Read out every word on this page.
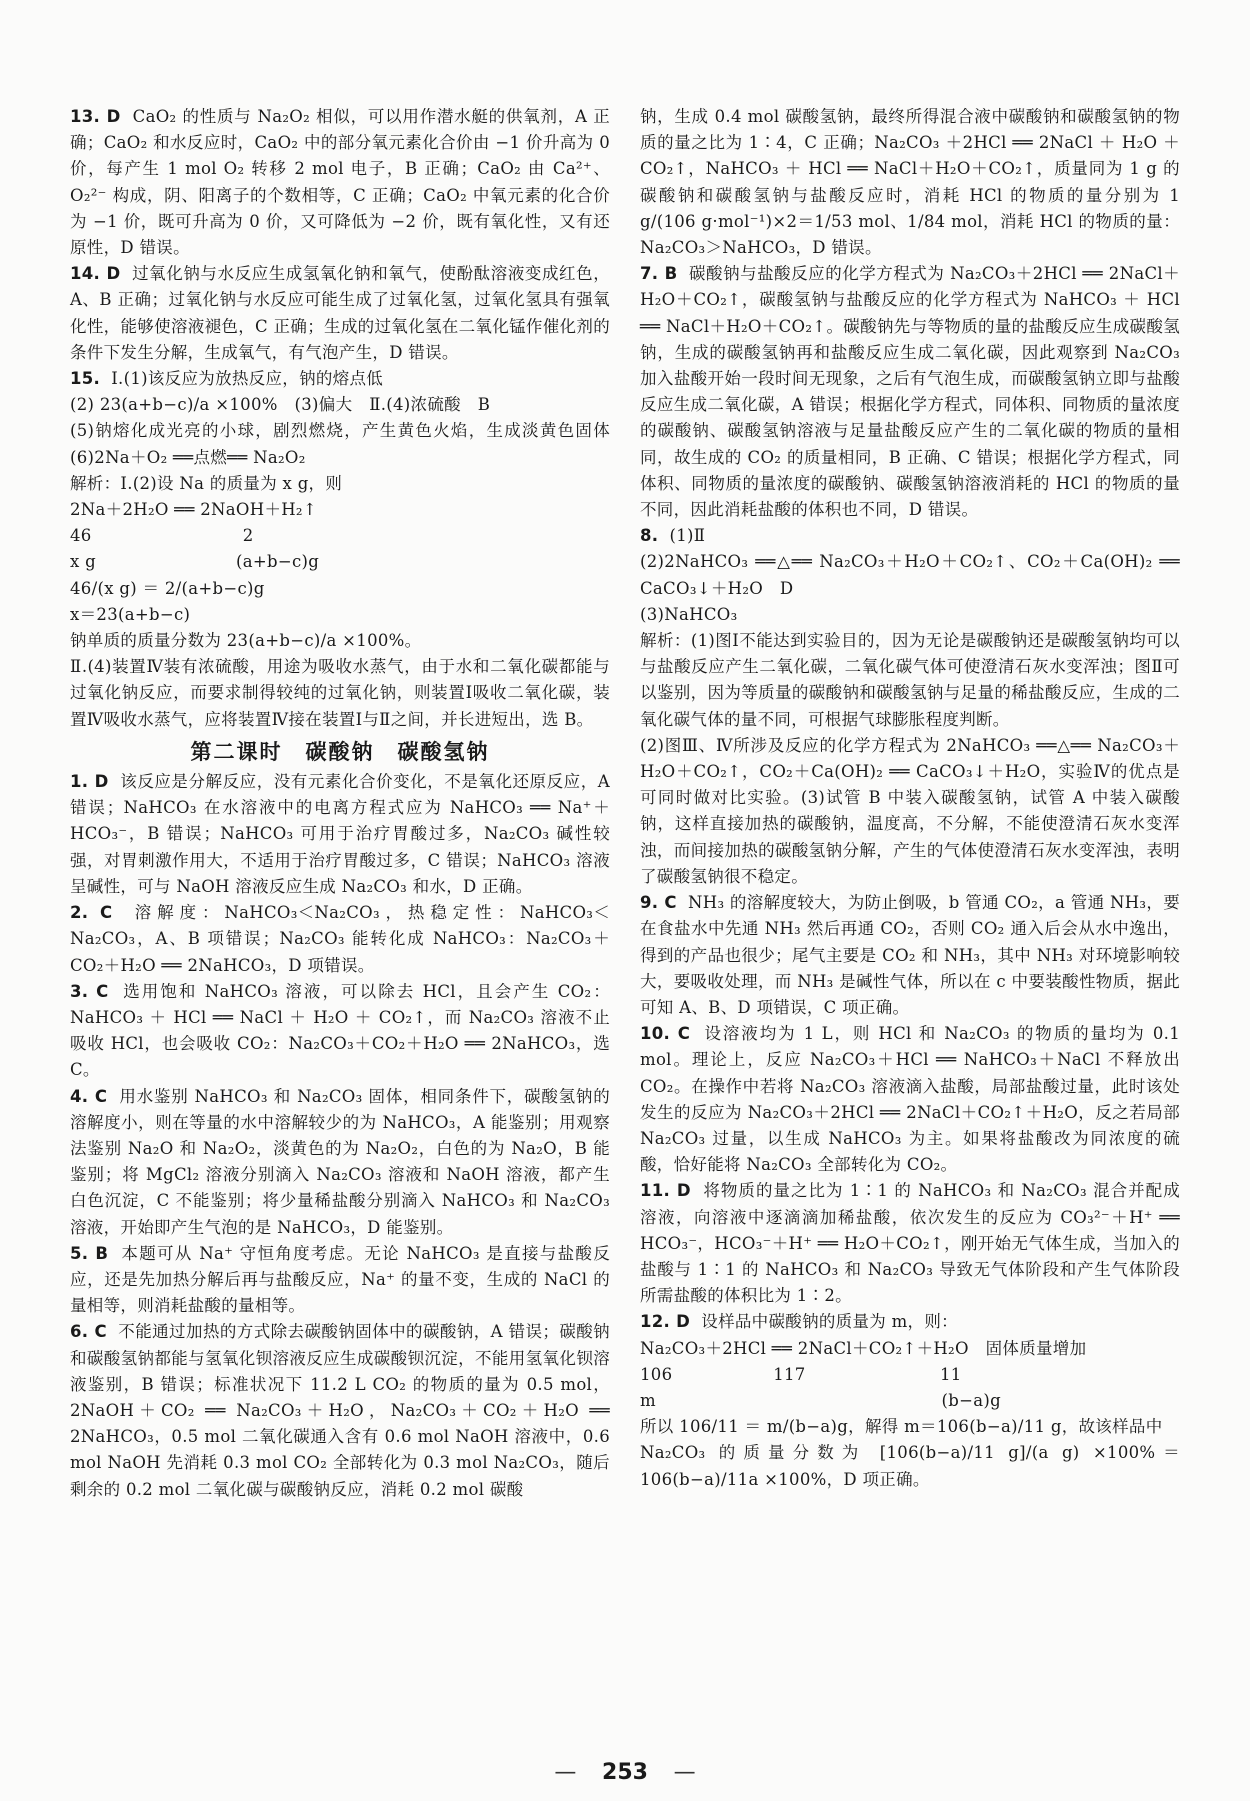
13. D CaO₂ 的性质与 Na₂O₂ 相似，可以用作潜水艇的供氧剂，A 正确；CaO₂ 和水反应时，CaO₂ 中的部分氧元素化合价由 −1 价升高为 0 价，每产生 1 mol O₂ 转移 2 mol 电子，B 正确；CaO₂ 由 Ca²⁺、O₂²⁻ 构成，阴、阳离子的个数相等，C 正确；CaO₂ 中氧元素的化合价为 −1 价，既可升高为 0 价，又可降低为 −2 价，既有氧化性，又有还原性，D 错误。

14. D 过氧化钠与水反应生成氢氧化钠和氧气，使酚酞溶液变成红色，A、B 正确；过氧化钠与水反应可能生成了过氧化氢，过氧化氢具有强氧化性，能够使溶液褪色，C 正确；生成的过氧化氢在二氧化锰作催化剂的条件下发生分解，生成氧气，有气泡产生，D 错误。

15. Ⅰ.(1)该反应为放热反应，钠的熔点低

(2) 23(a+b−c)/a ×100%　(3)偏大　Ⅱ.(4)浓硫酸　B

(5)钠熔化成光亮的小球，剧烈燃烧，产生黄色火焰，生成淡黄色固体　(6)2Na＋O₂ ══点燃══ Na₂O₂

解析：Ⅰ.(2)设 Na 的质量为 x g，则

2Na＋2H₂O ══ 2NaOH＋H₂↑

46　　　　　　　　　2

x g　　　　　　　　 (a+b−c)g

46/(x g) ＝ 2/(a+b−c)g

x＝23(a+b−c)

钠单质的质量分数为 23(a+b−c)/a ×100%。

Ⅱ.(4)装置Ⅳ装有浓硫酸，用途为吸收水蒸气，由于水和二氧化碳都能与过氧化钠反应，而要求制得较纯的过氧化钠，则装置Ⅰ吸收二氧化碳，装置Ⅳ吸收水蒸气，应将装置Ⅳ接在装置Ⅰ与Ⅱ之间，并长进短出，选 B。

第二课时　碳酸钠　碳酸氢钠

1. D 该反应是分解反应，没有元素化合价变化，不是氧化还原反应，A 错误；NaHCO₃ 在水溶液中的电离方程式应为 NaHCO₃ ══ Na⁺＋HCO₃⁻，B 错误；NaHCO₃ 可用于治疗胃酸过多，Na₂CO₃ 碱性较强，对胃刺激作用大，不适用于治疗胃酸过多，C 错误；NaHCO₃ 溶液呈碱性，可与 NaOH 溶液反应生成 Na₂CO₃ 和水，D 正确。

2. C 溶解度：NaHCO₃＜Na₂CO₃，热稳定性：NaHCO₃＜Na₂CO₃，A、B 项错误；Na₂CO₃ 能转化成 NaHCO₃：Na₂CO₃＋CO₂＋H₂O ══ 2NaHCO₃，D 项错误。

3. C 选用饱和 NaHCO₃ 溶液，可以除去 HCl，且会产生 CO₂：NaHCO₃ ＋ HCl ══ NaCl ＋ H₂O ＋ CO₂↑，而 Na₂CO₃ 溶液不止吸收 HCl，也会吸收 CO₂：Na₂CO₃＋CO₂＋H₂O ══ 2NaHCO₃，选 C。

4. C 用水鉴别 NaHCO₃ 和 Na₂CO₃ 固体，相同条件下，碳酸氢钠的溶解度小，则在等量的水中溶解较少的为 NaHCO₃，A 能鉴别；用观察法鉴别 Na₂O 和 Na₂O₂，淡黄色的为 Na₂O₂，白色的为 Na₂O，B 能鉴别；将 MgCl₂ 溶液分别滴入 Na₂CO₃ 溶液和 NaOH 溶液，都产生白色沉淀，C 不能鉴别；将少量稀盐酸分别滴入 NaHCO₃ 和 Na₂CO₃ 溶液，开始即产生气泡的是 NaHCO₃，D 能鉴别。

5. B 本题可从 Na⁺ 守恒角度考虑。无论 NaHCO₃ 是直接与盐酸反应，还是先加热分解后再与盐酸反应，Na⁺ 的量不变，生成的 NaCl 的量相等，则消耗盐酸的量相等。

6. C 不能通过加热的方式除去碳酸钠固体中的碳酸钠，A 错误；碳酸钠和碳酸氢钠都能与氢氧化钡溶液反应生成碳酸钡沉淀，不能用氢氧化钡溶液鉴别，B 错误；标准状况下 11.2 L CO₂ 的物质的量为 0.5 mol，2NaOH＋CO₂ ══ Na₂CO₃＋H₂O，Na₂CO₃＋CO₂＋H₂O ══ 2NaHCO₃，0.5 mol 二氧化碳通入含有 0.6 mol NaOH 溶液中，0.6 mol NaOH 先消耗 0.3 mol CO₂ 全部转化为 0.3 mol Na₂CO₃，随后剩余的 0.2 mol 二氧化碳与碳酸钠反应，消耗 0.2 mol 碳酸

钠，生成 0.4 mol 碳酸氢钠，最终所得混合液中碳酸钠和碳酸氢钠的物质的量之比为 1∶4，C 正确；Na₂CO₃ ＋2HCl ══ 2NaCl ＋ H₂O ＋ CO₂↑，NaHCO₃ ＋ HCl ══ NaCl＋H₂O＋CO₂↑，质量同为 1 g 的碳酸钠和碳酸氢钠与盐酸反应时，消耗 HCl 的物质的量分别为 1 g/(106 g·mol⁻¹)×2＝1/53 mol、1/84 mol，消耗 HCl 的物质的量：Na₂CO₃＞NaHCO₃，D 错误。

7. B 碳酸钠与盐酸反应的化学方程式为 Na₂CO₃＋2HCl ══ 2NaCl＋H₂O＋CO₂↑，碳酸氢钠与盐酸反应的化学方程式为 NaHCO₃ ＋ HCl ══ NaCl＋H₂O＋CO₂↑。碳酸钠先与等物质的量的盐酸反应生成碳酸氢钠，生成的碳酸氢钠再和盐酸反应生成二氧化碳，因此观察到 Na₂CO₃ 加入盐酸开始一段时间无现象，之后有气泡生成，而碳酸氢钠立即与盐酸反应生成二氧化碳，A 错误；根据化学方程式，同体积、同物质的量浓度的碳酸钠、碳酸氢钠溶液与足量盐酸反应产生的二氧化碳的物质的量相同，故生成的 CO₂ 的质量相同，B 正确、C 错误；根据化学方程式，同体积、同物质的量浓度的碳酸钠、碳酸氢钠溶液消耗的 HCl 的物质的量不同，因此消耗盐酸的体积也不同，D 错误。

8. (1)Ⅱ

(2)2NaHCO₃ ══△══ Na₂CO₃＋H₂O＋CO₂↑、CO₂＋Ca(OH)₂ ══ CaCO₃↓＋H₂O　D

(3)NaHCO₃

解析：(1)图Ⅰ不能达到实验目的，因为无论是碳酸钠还是碳酸氢钠均可以与盐酸反应产生二氧化碳，二氧化碳气体可使澄清石灰水变浑浊；图Ⅱ可以鉴别，因为等质量的碳酸钠和碳酸氢钠与足量的稀盐酸反应，生成的二氧化碳气体的量不同，可根据气球膨胀程度判断。

(2)图Ⅲ、Ⅳ所涉及反应的化学方程式为 2NaHCO₃ ══△══ Na₂CO₃＋H₂O＋CO₂↑，CO₂＋Ca(OH)₂ ══ CaCO₃↓＋H₂O，实验Ⅳ的优点是可同时做对比实验。(3)试管 B 中装入碳酸氢钠，试管 A 中装入碳酸钠，这样直接加热的碳酸钠，温度高，不分解，不能使澄清石灰水变浑浊，而间接加热的碳酸氢钠分解，产生的气体使澄清石灰水变浑浊，表明了碳酸氢钠很不稳定。

9. C NH₃ 的溶解度较大，为防止倒吸，b 管通 CO₂，a 管通 NH₃，要在食盐水中先通 NH₃ 然后再通 CO₂，否则 CO₂ 通入后会从水中逸出，得到的产品也很少；尾气主要是 CO₂ 和 NH₃，其中 NH₃ 对环境影响较大，要吸收处理，而 NH₃ 是碱性气体，所以在 c 中要装酸性物质，据此可知 A、B、D 项错误，C 项正确。

10. C 设溶液均为 1 L，则 HCl 和 Na₂CO₃ 的物质的量均为 0.1 mol。理论上，反应 Na₂CO₃＋HCl ══ NaHCO₃＋NaCl 不释放出 CO₂。在操作中若将 Na₂CO₃ 溶液滴入盐酸，局部盐酸过量，此时该处发生的反应为 Na₂CO₃＋2HCl ══ 2NaCl＋CO₂↑＋H₂O，反之若局部 Na₂CO₃ 过量，以生成 NaHCO₃ 为主。如果将盐酸改为同浓度的硫酸，恰好能将 Na₂CO₃ 全部转化为 CO₂。

11. D 将物质的量之比为 1∶1 的 NaHCO₃ 和 Na₂CO₃ 混合并配成溶液，向溶液中逐滴滴加稀盐酸，依次发生的反应为 CO₃²⁻＋H⁺ ══ HCO₃⁻，HCO₃⁻＋H⁺ ══ H₂O＋CO₂↑，刚开始无气体生成，当加入的盐酸与 1∶1 的 NaHCO₃ 和 Na₂CO₃ 导致无气体阶段和产生气体阶段所需盐酸的体积比为 1∶2。

12. D 设样品中碳酸钠的质量为 m，则：

Na₂CO₃＋2HCl ══ 2NaCl＋CO₂↑＋H₂O　固体质量增加

106　　　　　　117　　　　　　　　11

m　　　　　　　　　　　　　　　　　(b−a)g

所以 106/11 ＝ m/(b−a)g，解得 m＝106(b−a)/11 g，故该样品中

Na₂CO₃ 的质量分数为 [106(b−a)/11 g]/(a g) ×100%＝106(b−a)/11a ×100%，D 项正确。

— 253 —
